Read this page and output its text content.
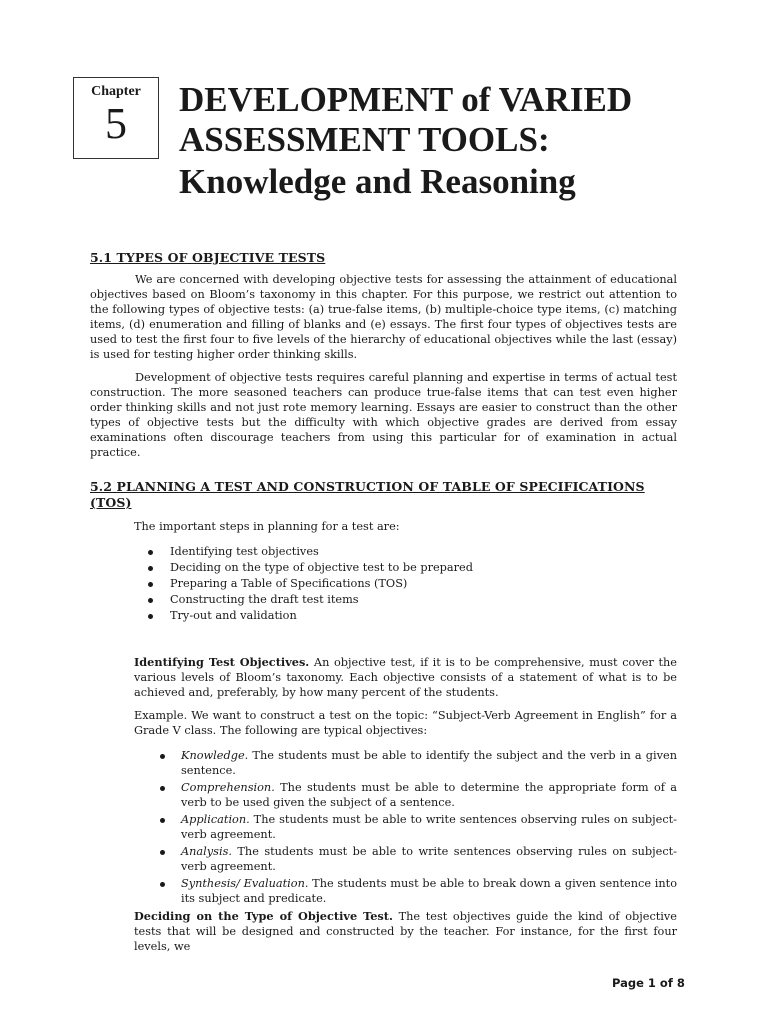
Chapter
5	DEVELOPMENT of VARIED
ASSESSMENT TOOLS:
Knowledge and Reasoning
5.1 TYPES OF OBJECTIVE TESTS

We are concerned with developing objective tests for assessing the attainment of educational objectives based on Bloom’s taxonomy in this chapter. For this purpose, we restrict out attention to the following types of objective tests: (a) true-false items, (b) multiple-choice type items, (c) matching items, (d) enumeration and filling of blanks and (e) essays. The first four types of objectives tests are used to test the first four to five levels of the hierarchy of educational objectives while the last (essay) is used for testing higher order thinking skills.

Development of objective tests requires careful planning and expertise in terms of actual test construction. The more seasoned teachers can produce true-false items that can test even higher order thinking skills and not just rote memory learning. Essays are easier to construct than the other types of objective tests but the difficulty with which objective grades are derived from essay examinations often discourage teachers from using this particular for of examination in actual practice.

5.2 PLANNING A TEST AND CONSTRUCTION OF TABLE OF SPECIFICATIONS
(TOS)

The important steps in planning for a test are:

Identifying test objectives
Deciding on the type of objective test to be prepared
Preparing a Table of Specifications (TOS)
Constructing the draft test items
Try-out and validation

Identifying Test Objectives. An objective test, if it is to be comprehensive, must cover the various levels of Bloom’s taxonomy. Each objective consists of a statement of what is to be achieved and, preferably, by how many percent of the students.

Example. We want to construct a test on the topic: “Subject-Verb Agreement in English” for a Grade V class. The following are typical objectives:

Knowledge. The students must be able to identify the subject and the verb in a given sentence.
Comprehension. The students must be able to determine the appropriate form of a verb to be used given the subject of a sentence.
Application. The students must be able to write sentences observing rules on subject-verb agreement.
Analysis. The students must be able to write sentences observing rules on subject-verb agreement.
Synthesis/ Evaluation. The students must be able to break down a given sentence into its subject and predicate.

Deciding on the Type of Objective Test. The test objectives guide the kind of objective tests that will be designed and constructed by the teacher. For instance, for the first four levels, we

Page 1 of 8
